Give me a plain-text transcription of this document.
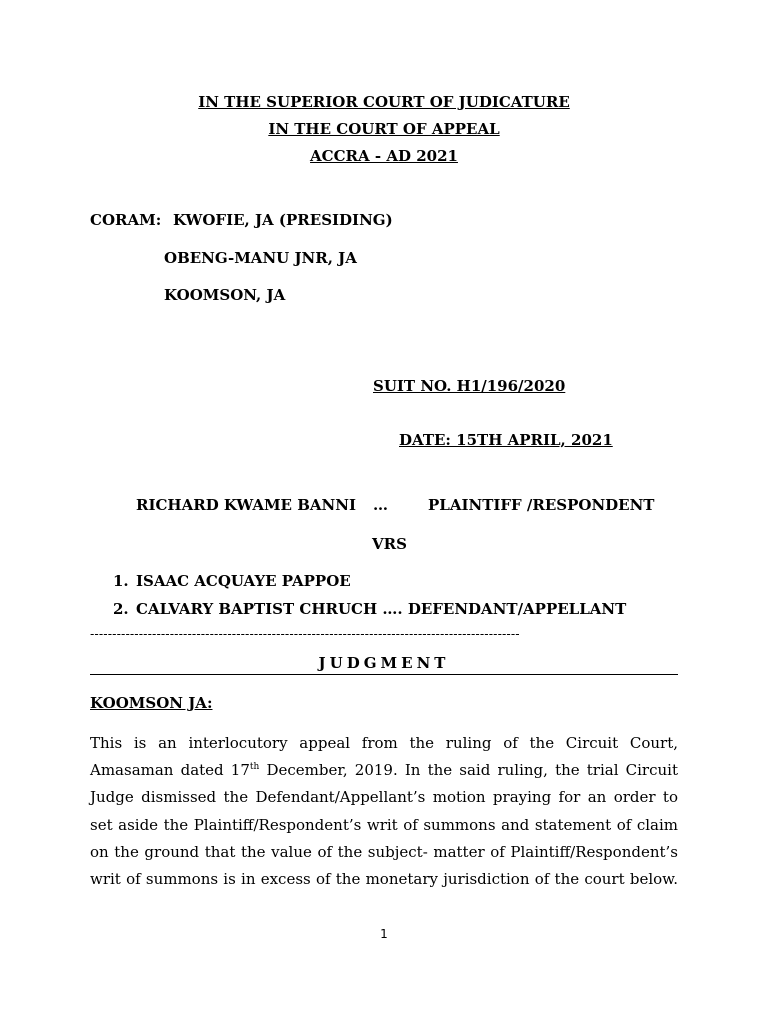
IN THE SUPERIOR COURT OF JUDICATURE
IN THE COURT OF APPEAL
ACCRA - AD 2021
CORAM: KWOFIE, JA (PRESIDING)
OBENG-MANU JNR, JA
KOOMSON, JA
SUIT NO. H1/196/2020
DATE: 15TH APRIL, 2021
RICHARD KWAME BANNI …	PLAINTIFF /RESPONDENT
VRS
1. ISAAC ACQUAYE PAPPOE
2. CALVARY BAPTIST CHRUCH …. DEFENDANT/APPELLANT
-------------------------------------------------------------------------------------------------
JUDGMENT
KOOMSON JA:
This is an interlocutory appeal from the ruling of the Circuit Court,
Amasaman dated 17th December, 2019. In the said ruling, the trial Circuit
Judge dismissed the Defendant/Appellant’s motion praying for an order to
set aside the Plaintiff/Respondent’s writ of summons and statement of claim
on the ground that the value of the subject- matter of Plaintiff/Respondent’s
writ of summons is in excess of the monetary jurisdiction of the court below.
1
